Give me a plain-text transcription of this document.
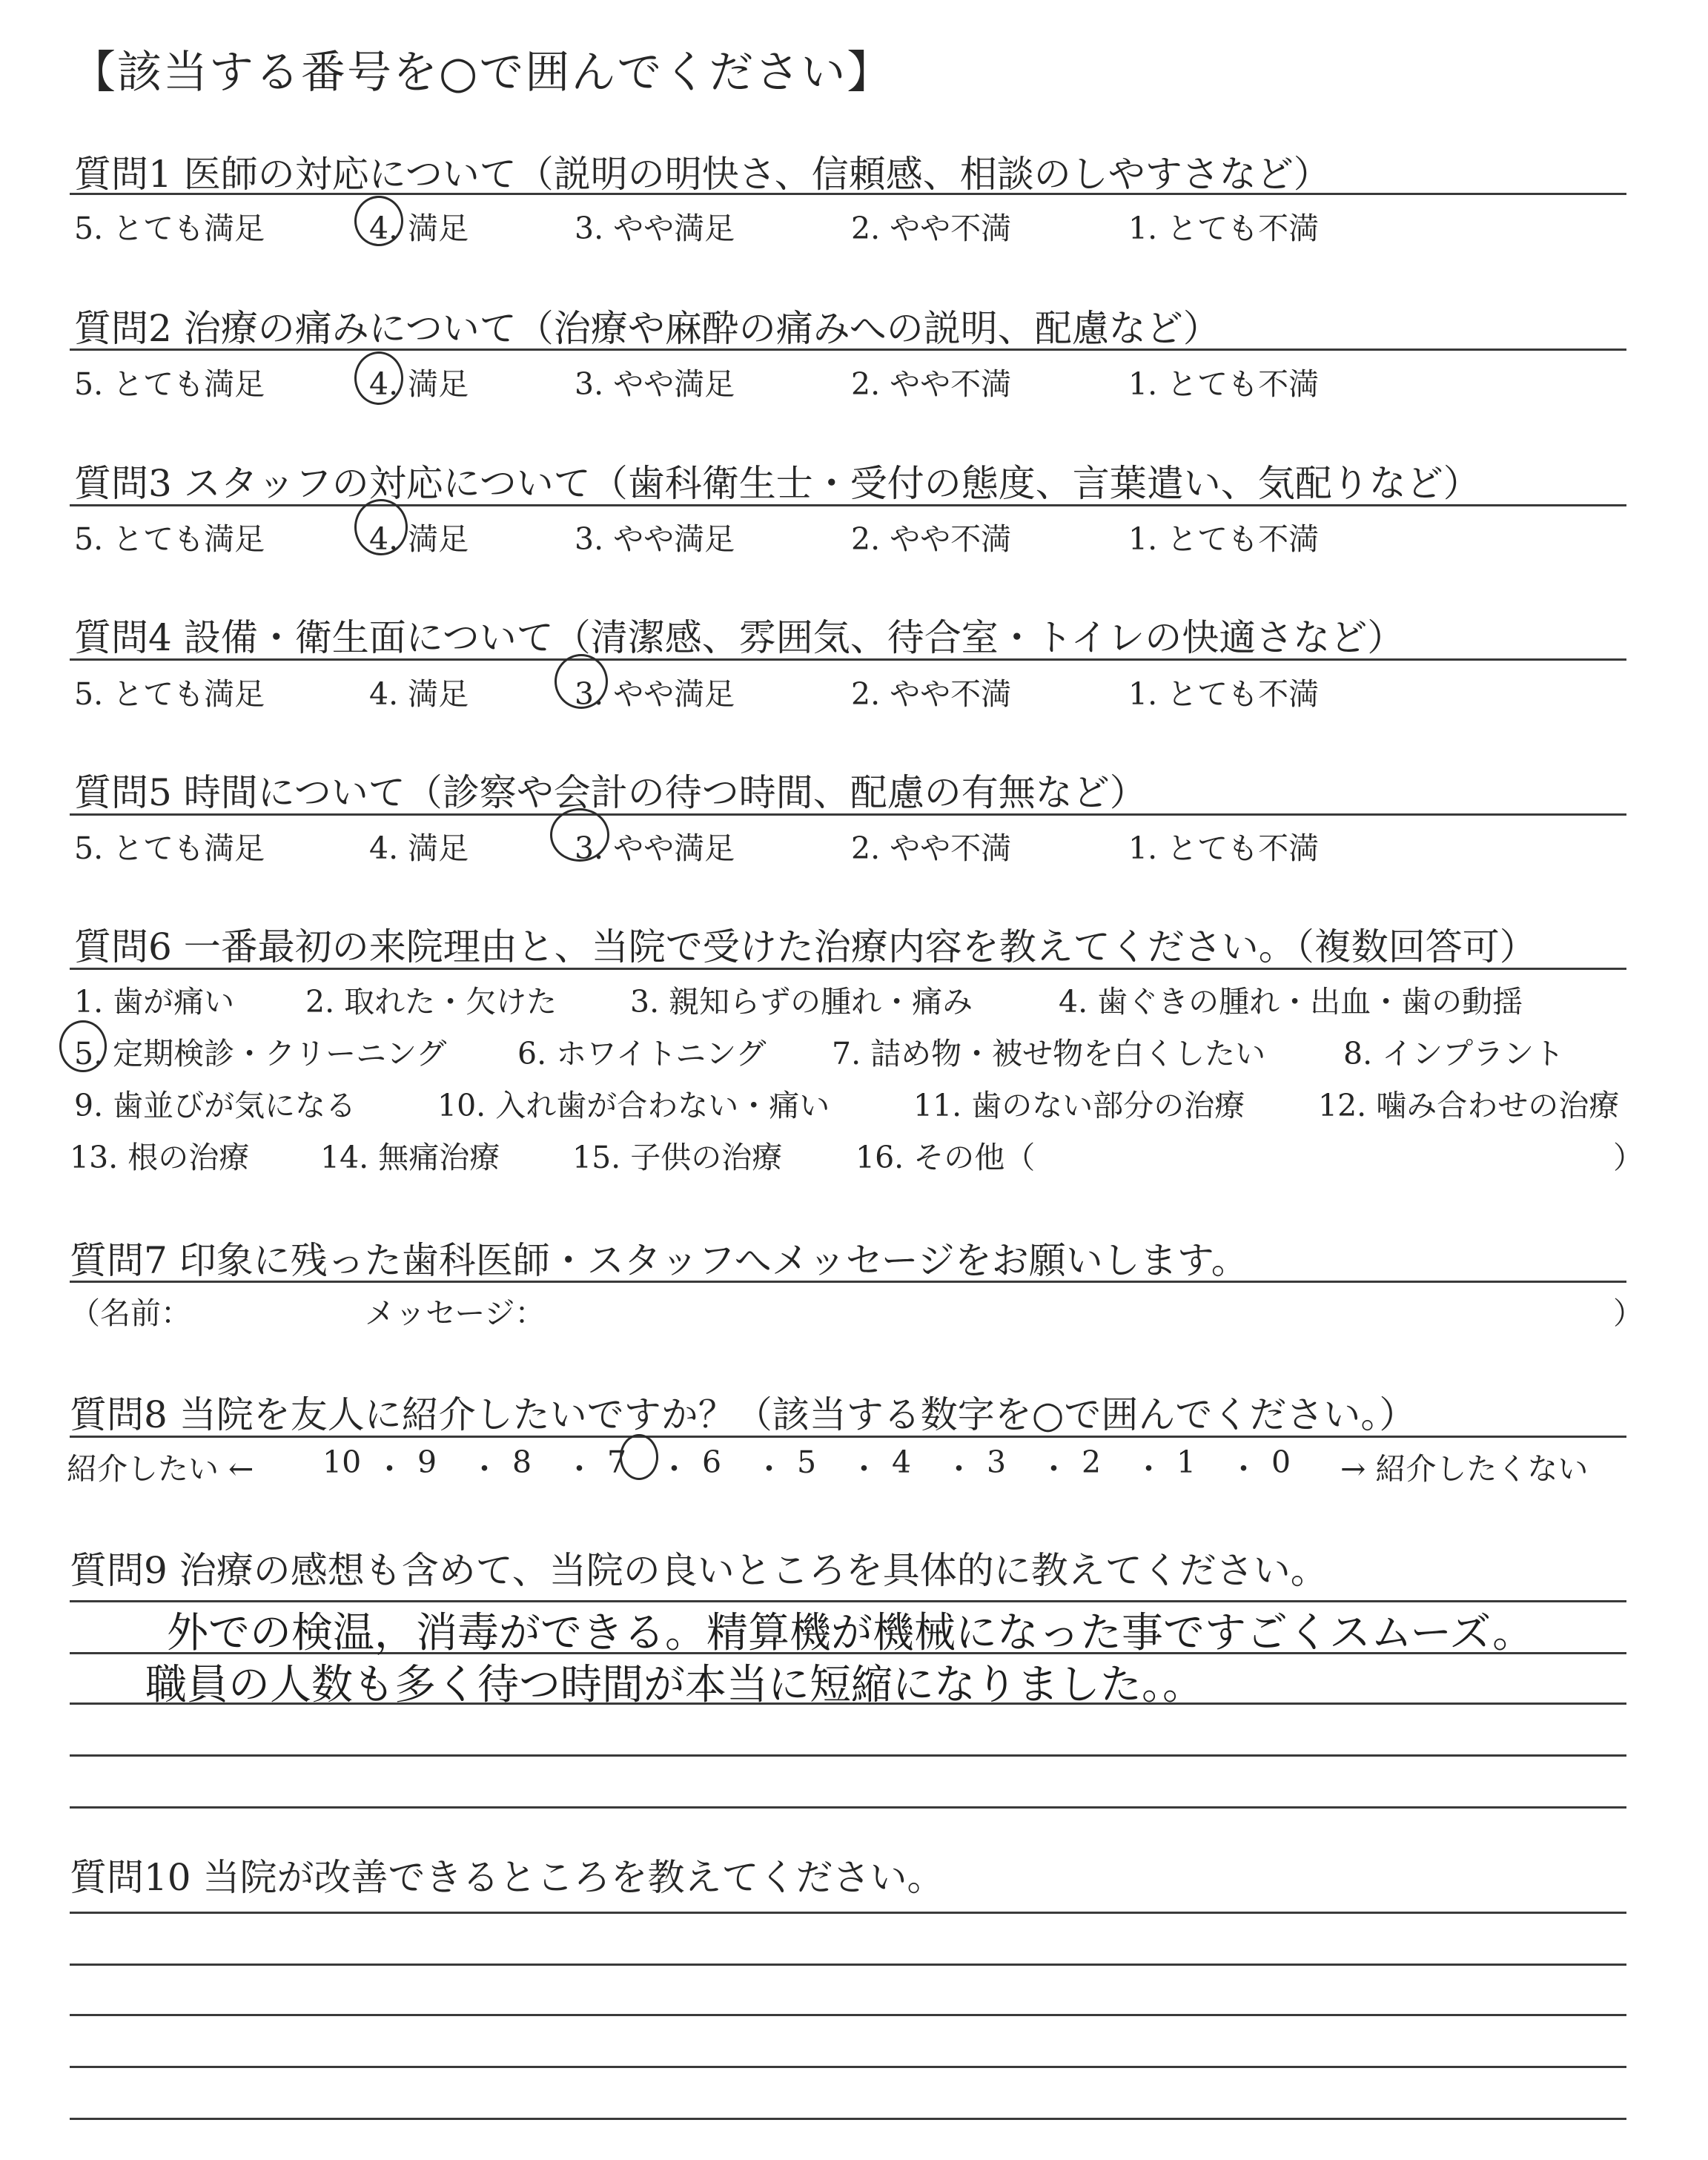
【該当する番号を○で囲んでください】
質問1 医師の対応について（説明の明快さ、信頼感、相談のしやすさなど）
5. とても満足	4. 満足	3. やや満足	2. やや不満	1. とても不満
質問2 治療の痛みについて（治療や麻酔の痛みへの説明、配慮など）
5. とても満足	4. 満足	3. やや満足	2. やや不満	1. とても不満
質問3 スタッフの対応について（歯科衛生士・受付の態度、言葉遣い、気配りなど）
5. とても満足	4. 満足	3. やや満足	2. やや不満	1. とても不満
質問4 設備・衛生面について（清潔感、雰囲気、待合室・トイレの快適さなど）
5. とても満足	4. 満足	3. やや満足	2. やや不満	1. とても不満
質問5 時間について（診察や会計の待つ時間、配慮の有無など）
5. とても満足	4. 満足	3. やや満足	2. やや不満	1. とても不満
質問6 一番最初の来院理由と、当院で受けた治療内容を教えてください。（複数回答可）
1. 歯が痛い 2. 取れた・欠けた 3. 親知らずの腫れ・痛み	4. 歯ぐきの腫れ・出血・歯の動揺
5. 定期検診・クリーニング 6. ホワイトニング 7. 詰め物・被せ物を白くしたい	8. インプラント
9. 歯並びが気になる	10. 入れ歯が合わない・痛い	11. 歯のない部分の治療 12. 噛み合わせの治療
13. 根の治療 14. 無痛治療 15. 子供の治療 16. その他（	）
質問7 印象に残った歯科医師・スタッフへメッセージをお願いします。
（名前：	メッセージ：	）
質問8 当院を友人に紹介したいですか？（該当する数字を○で囲んでください。）
紹介したい ← 10 ・ 9 ・ 8 ・ 7 ・ 6 ・ 5 ・ 4 ・ 3 ・ 2 ・ 1 ・ 0 → 紹介したくない
質問9 治療の感想も含めて、当院の良いところを具体的に教えてください。
外での検温，消毒ができる。精算機が機械になった事ですごくスムーズ。
職員の人数も多く待つ時間が本当に短縮になりました。。
質問10 当院が改善できるところを教えてください。
